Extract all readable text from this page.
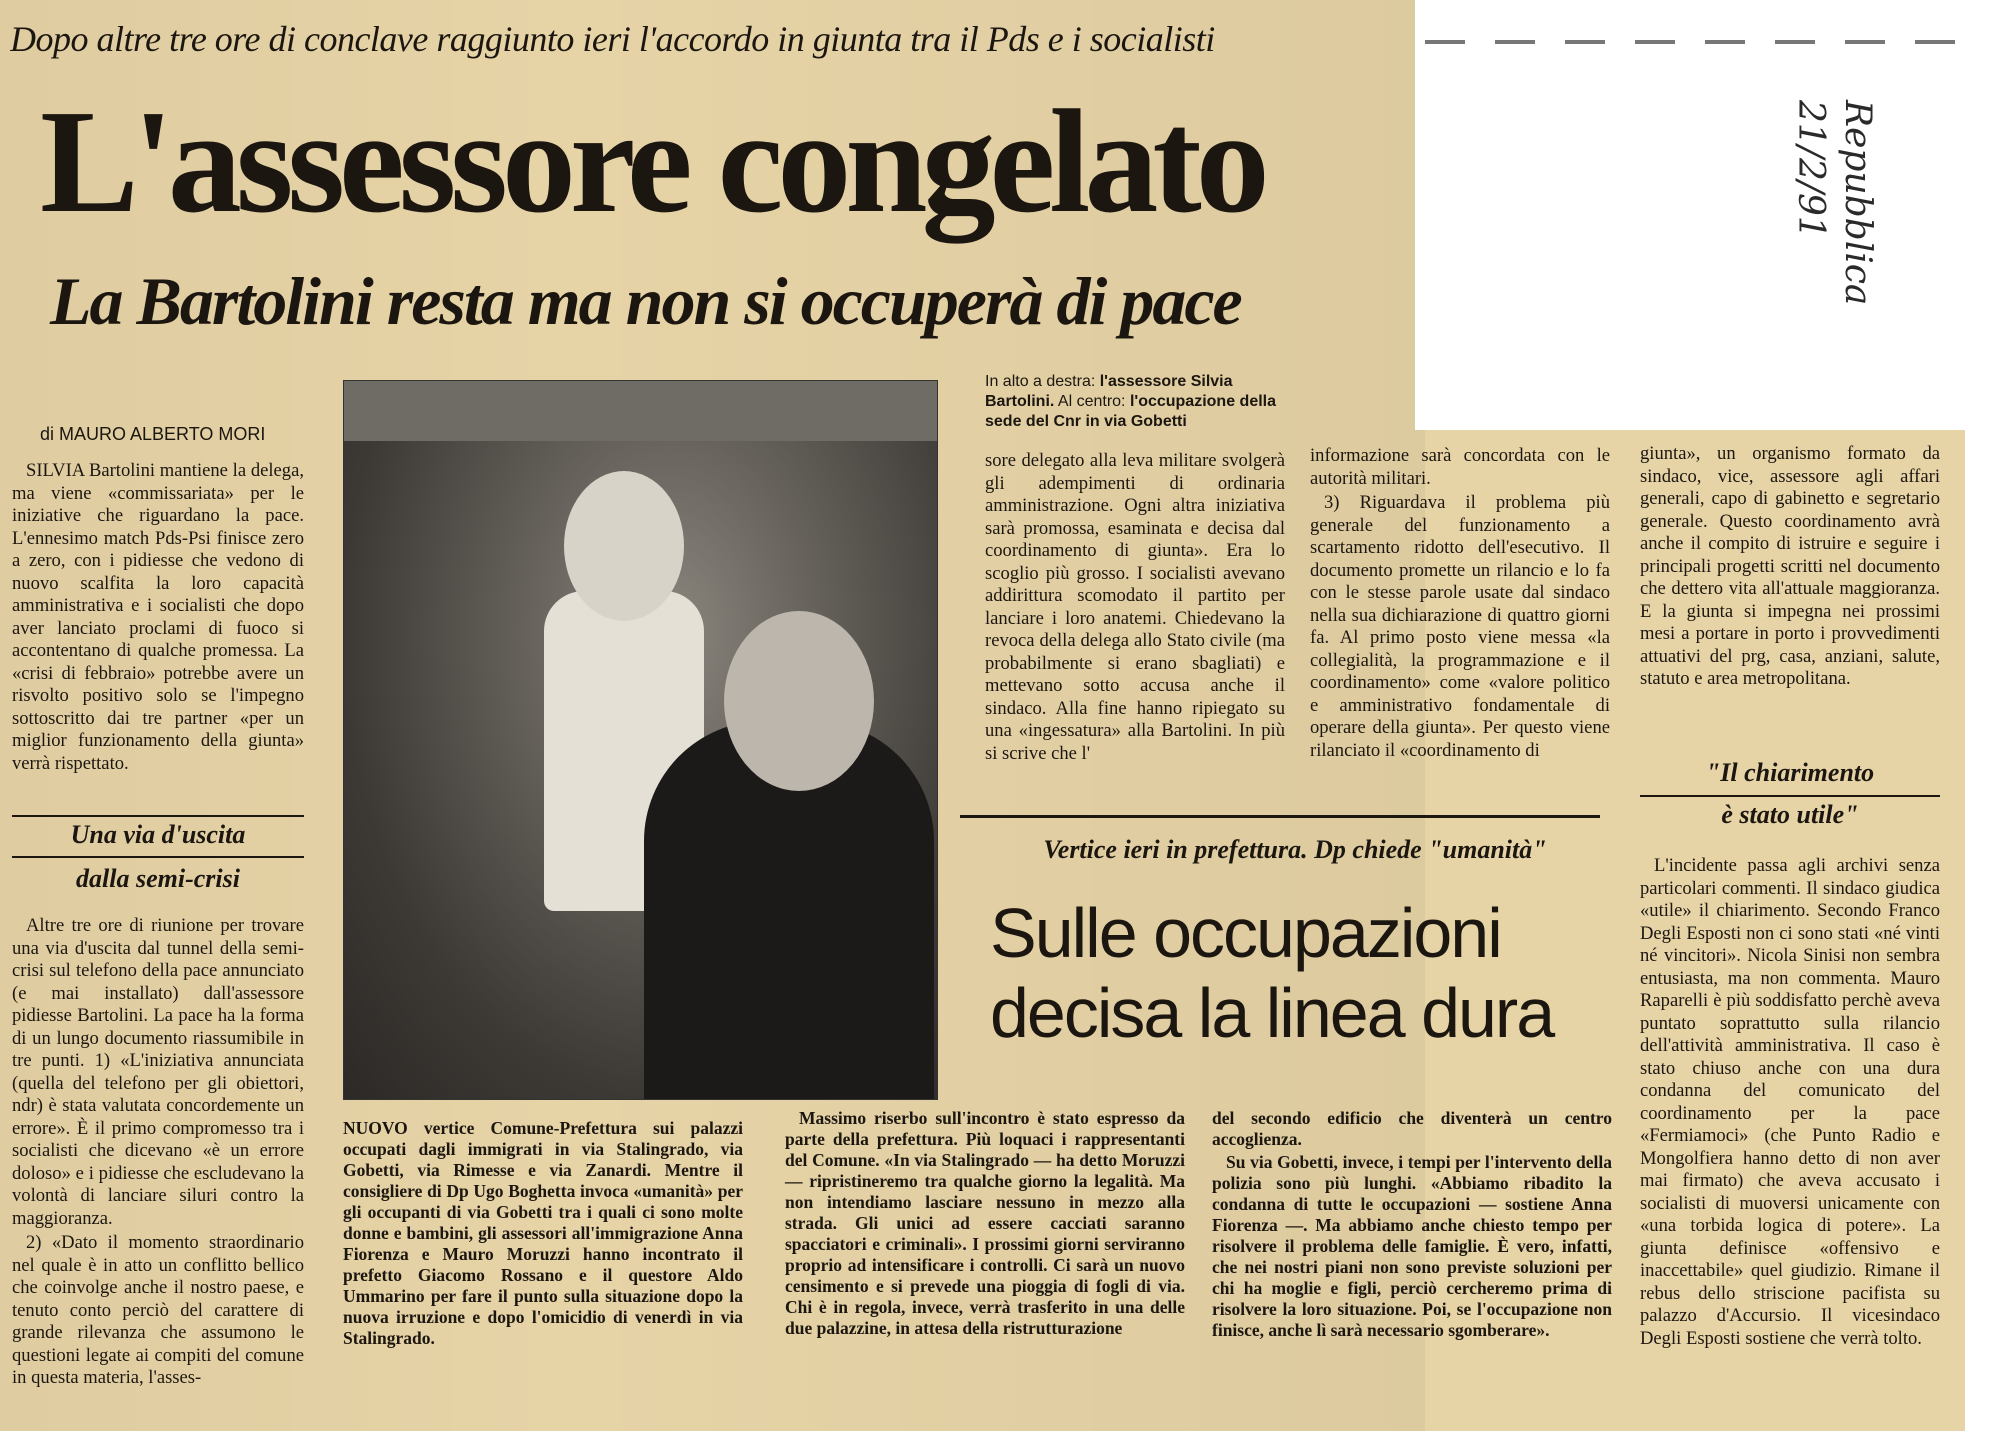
Dopo altre tre ore di conclave raggiunto ieri l'accordo in giunta tra il Pds e i socialisti
L'assessore congelato
La Bartolini resta ma non si occuperà di pace	Repubblica
21/2/91
di MAURO ALBERTO MORI

SILVIA Bartolini mantiene la delega, ma viene «commissariata» per le iniziative che riguardano la pace. L'ennesimo match Pds-Psi finisce zero a zero, con i pidiesse che vedono di nuovo scalfita la loro capacità amministrativa e i socialisti che dopo aver lanciato proclami di fuoco si accontentano di qualche promessa. La «crisi di febbraio» potrebbe avere un risvolto positivo solo se l'impegno sottoscritto dai tre partner «per un miglior funzionamento della giunta» verrà rispettato.

Una via d'uscita
dalla semi-crisi

Altre tre ore di riunione per trovare una via d'uscita dal tunnel della semi-crisi sul telefono della pace annunciato (e mai installato) dall'assessore pidiesse Bartolini. La pace ha la forma di un lungo documento riassumibile in tre punti. 1) «L'iniziativa annunciata (quella del telefono per gli obiettori, ndr) è stata valutata concordemente un errore». È il primo compromesso tra i socialisti che dicevano «è un errore doloso» e i pidiesse che escludevano la volontà di lanciare siluri contro la maggioranza.

2) «Dato il momento straordinario nel quale è in atto un conflitto bellico che coinvolge anche il nostro paese, e tenuto conto perciò del carattere di grande rilevanza che assumono le questioni legate ai compiti del comune in questa materia, l'asses-

In alto a destra: l'assessore Silvia Bartolini. Al centro: l'occupazione della sede del Cnr in via Gobetti

sore delegato alla leva militare svolgerà gli adempimenti di ordinaria amministrazione. Ogni altra iniziativa sarà promossa, esaminata e decisa dal coordinamento di giunta». Era lo scoglio più grosso. I socialisti avevano addirittura scomodato il partito per lanciare i loro anatemi. Chiedevano la revoca della delega allo Stato civile (ma probabilmente si erano sbagliati) e mettevano sotto accusa anche il sindaco. Alla fine hanno ripiegato su una «ingessatura» alla Bartolini. In più si scrive che l'

informazione sarà concordata con le autorità militari.

3) Riguardava il problema più generale del funzionamento a scartamento ridotto dell'esecutivo. Il documento promette un rilancio e lo fa con le stesse parole usate dal sindaco nella sua dichiarazione di quattro giorni fa. Al primo posto viene messa «la collegialità, la programmazione e il coordinamento» come «valore politico e amministrativo fondamentale di operare della giunta». Per questo viene rilanciato il «coordinamento di

giunta», un organismo formato da sindaco, vice, assessore agli affari generali, capo di gabinetto e segretario generale. Questo coordinamento avrà anche il compito di istruire e seguire i principali progetti scritti nel documento che dettero vita all'attuale maggioranza. E la giunta si impegna nei prossimi mesi a portare in porto i provvedimenti attuativi del prg, casa, anziani, salute, statuto e area metropolitana.

"Il chiarimento
è stato utile"

L'incidente passa agli archivi senza particolari commenti. Il sindaco giudica «utile» il chiarimento. Secondo Franco Degli Esposti non ci sono stati «né vinti né vincitori». Nicola Sinisi non sembra entusiasta, ma non commenta. Mauro Raparelli è più soddisfatto perchè aveva puntato soprattutto sulla rilancio dell'attività amministrativa. Il caso è stato chiuso anche con una dura condanna del comunicato del coordinamento per la pace «Fermiamoci» (che Punto Radio e Mongolfiera hanno detto di non aver mai firmato) che aveva accusato i socialisti di muoversi unicamente con «una torbida logica di potere». La giunta definisce «offensivo e inaccettabile» quel giudizio. Rimane il rebus dello striscione pacifista su palazzo d'Accursio. Il vicesindaco Degli Esposti sostiene che verrà tolto.

Vertice ieri in prefettura. Dp chiede "umanità"
Sulle occupazioni
decisa la linea dura

NUOVO vertice Comune-Prefettura sui palazzi occupati dagli immigrati in via Stalingrado, via Gobetti, via Rimesse e via Zanardi. Mentre il consigliere di Dp Ugo Boghetta invoca «umanità» per gli occupanti di via Gobetti tra i quali ci sono molte donne e bambini, gli assessori all'immigrazione Anna Fiorenza e Mauro Moruzzi hanno incontrato il prefetto Giacomo Rossano e il questore Aldo Ummarino per fare il punto sulla situazione dopo la nuova irruzione e dopo l'omicidio di venerdì in via Stalingrado.

Massimo riserbo sull'incontro è stato espresso da parte della prefettura. Più loquaci i rappresentanti del Comune. «In via Stalingrado — ha detto Moruzzi — ripristineremo tra qualche giorno la legalità. Ma non intendiamo lasciare nessuno in mezzo alla strada. Gli unici ad essere cacciati saranno spacciatori e criminali». I prossimi giorni serviranno proprio ad intensificare i controlli. Ci sarà un nuovo censimento e si prevede una pioggia di fogli di via. Chi è in regola, invece, verrà trasferito in una delle due palazzine, in attesa della ristrutturazione

del secondo edificio che diventerà un centro accoglienza.

Su via Gobetti, invece, i tempi per l'intervento della polizia sono più lunghi. «Abbiamo ribadito la condanna di tutte le occupazioni — sostiene Anna Fiorenza —. Ma abbiamo anche chiesto tempo per risolvere il problema delle famiglie. È vero, infatti, che nei nostri piani non sono previste soluzioni per chi ha moglie e figli, perciò cercheremo prima di risolvere la loro situazione. Poi, se l'occupazione non finisce, anche lì sarà necessario sgomberare».
